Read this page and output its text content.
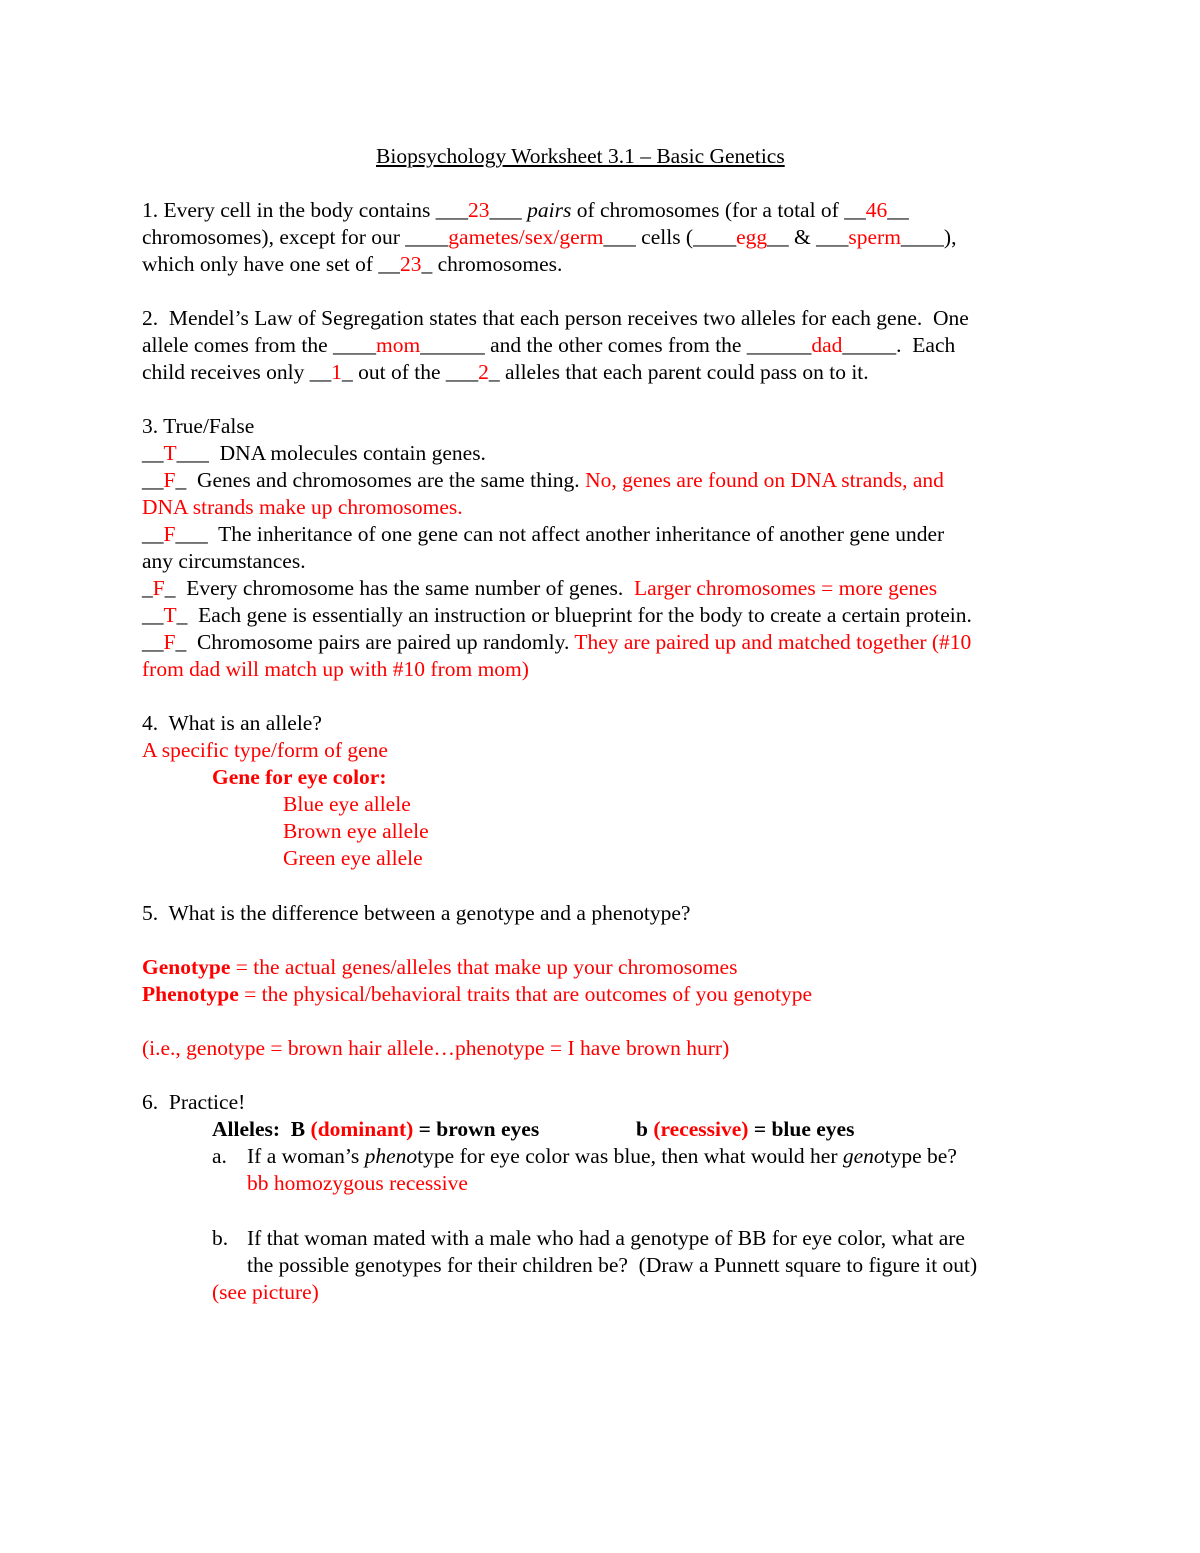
Biopsychology Worksheet 3.1 – Basic Genetics
1. Every cell in the body contains ___23___ pairs of chromosomes (for a total of __46__
chromosomes), except for our ____gametes/sex/germ___ cells (____egg__ & ___sperm____),
which only have one set of __23_ chromosomes.
2.  Mendel’s Law of Segregation states that each person receives two alleles for each gene.  One
allele comes from the ____mom______ and the other comes from the ______dad_____.  Each
child receives only __1_ out of the ___2_ alleles that each parent could pass on to it.
3. True/False
__T___  DNA molecules contain genes.
__F_  Genes and chromosomes are the same thing. No, genes are found on DNA strands, and
DNA strands make up chromosomes.
__F___  The inheritance of one gene can not affect another inheritance of another gene under
any circumstances.
_F_  Every chromosome has the same number of genes.  Larger chromosomes = more genes
__T_  Each gene is essentially an instruction or blueprint for the body to create a certain protein.
__F_  Chromosome pairs are paired up randomly. They are paired up and matched together (#10
from dad will match up with #10 from mom)
4.  What is an allele?
A specific type/form of gene
Gene for eye color:
Blue eye allele
Brown eye allele
Green eye allele
5.  What is the difference between a genotype and a phenotype?
Genotype = the actual genes/alleles that make up your chromosomes
Phenotype = the physical/behavioral traits that are outcomes of you genotype
(i.e., genotype = brown hair allele…phenotype = I have brown hurr)
6.  Practice!
Alleles:  B (dominant) = brown eyes	b (recessive) = blue eyes
a. If a woman’s phenotype for eye color was blue, then what would her genotype be?
bb homozygous recessive
b. If that woman mated with a male who had a genotype of BB for eye color, what are
the possible genotypes for their children be?  (Draw a Punnett square to figure it out)
(see picture)
